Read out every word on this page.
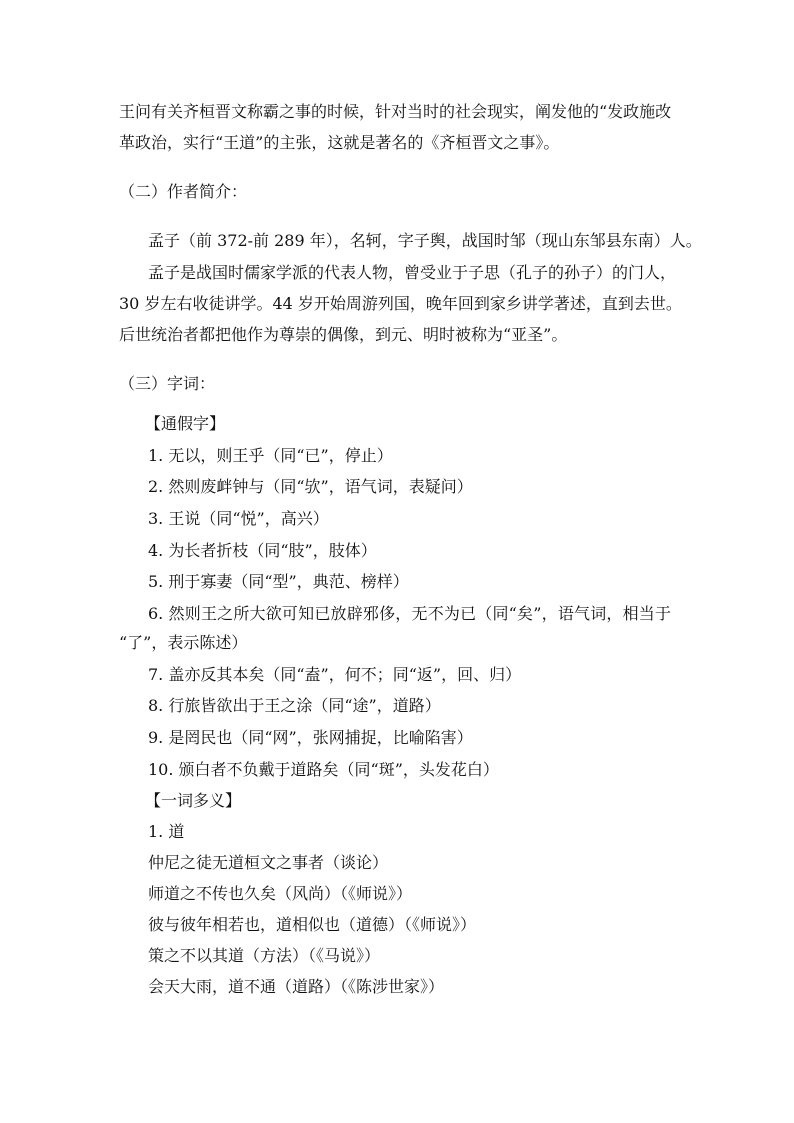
王问有关齐桓晋文称霸之事的时候，针对当时的社会现实，阐发他的“发政施改
革政治，实行“王道”的主张，这就是著名的《齐桓晋文之事》。
（二）作者简介：
孟子（前 372-前 289 年），名轲，字子舆，战国时邹（现山东邹县东南）人。
孟子是战国时儒家学派的代表人物，曾受业于子思（孔子的孙子）的门人，
30 岁左右收徒讲学。44 岁开始周游列国，晚年回到家乡讲学著述，直到去世。
后世统治者都把他作为尊崇的偶像，到元、明时被称为“亚圣”。
（三）字词：
【通假字】
1. 无以，则王乎（同“已”，停止）
2. 然则废衅钟与（同“欤”，语气词，表疑问）
3. 王说（同“悦”，高兴）
4. 为长者折枝（同“肢”，肢体）
5. 刑于寡妻（同“型”，典范、榜样）
6. 然则王之所大欲可知已放辟邪侈，无不为已（同“矣”，语气词，相当于
“了”，表示陈述）
7. 盖亦反其本矣（同“盍”，何不；同“返”，回、归）
8. 行旅皆欲出于王之涂（同“途”，道路）
9. 是罔民也（同“网”，张网捕捉，比喻陷害）
10. 颁白者不负戴于道路矣（同“斑”，头发花白）
【一词多义】
1. 道
仲尼之徒无道桓文之事者（谈论）
师道之不传也久矣（风尚）（《师说》）
彼与彼年相若也，道相似也（道德）（《师说》）
策之不以其道（方法）（《马说》）
会天大雨，道不通（道路）（《陈涉世家》）
